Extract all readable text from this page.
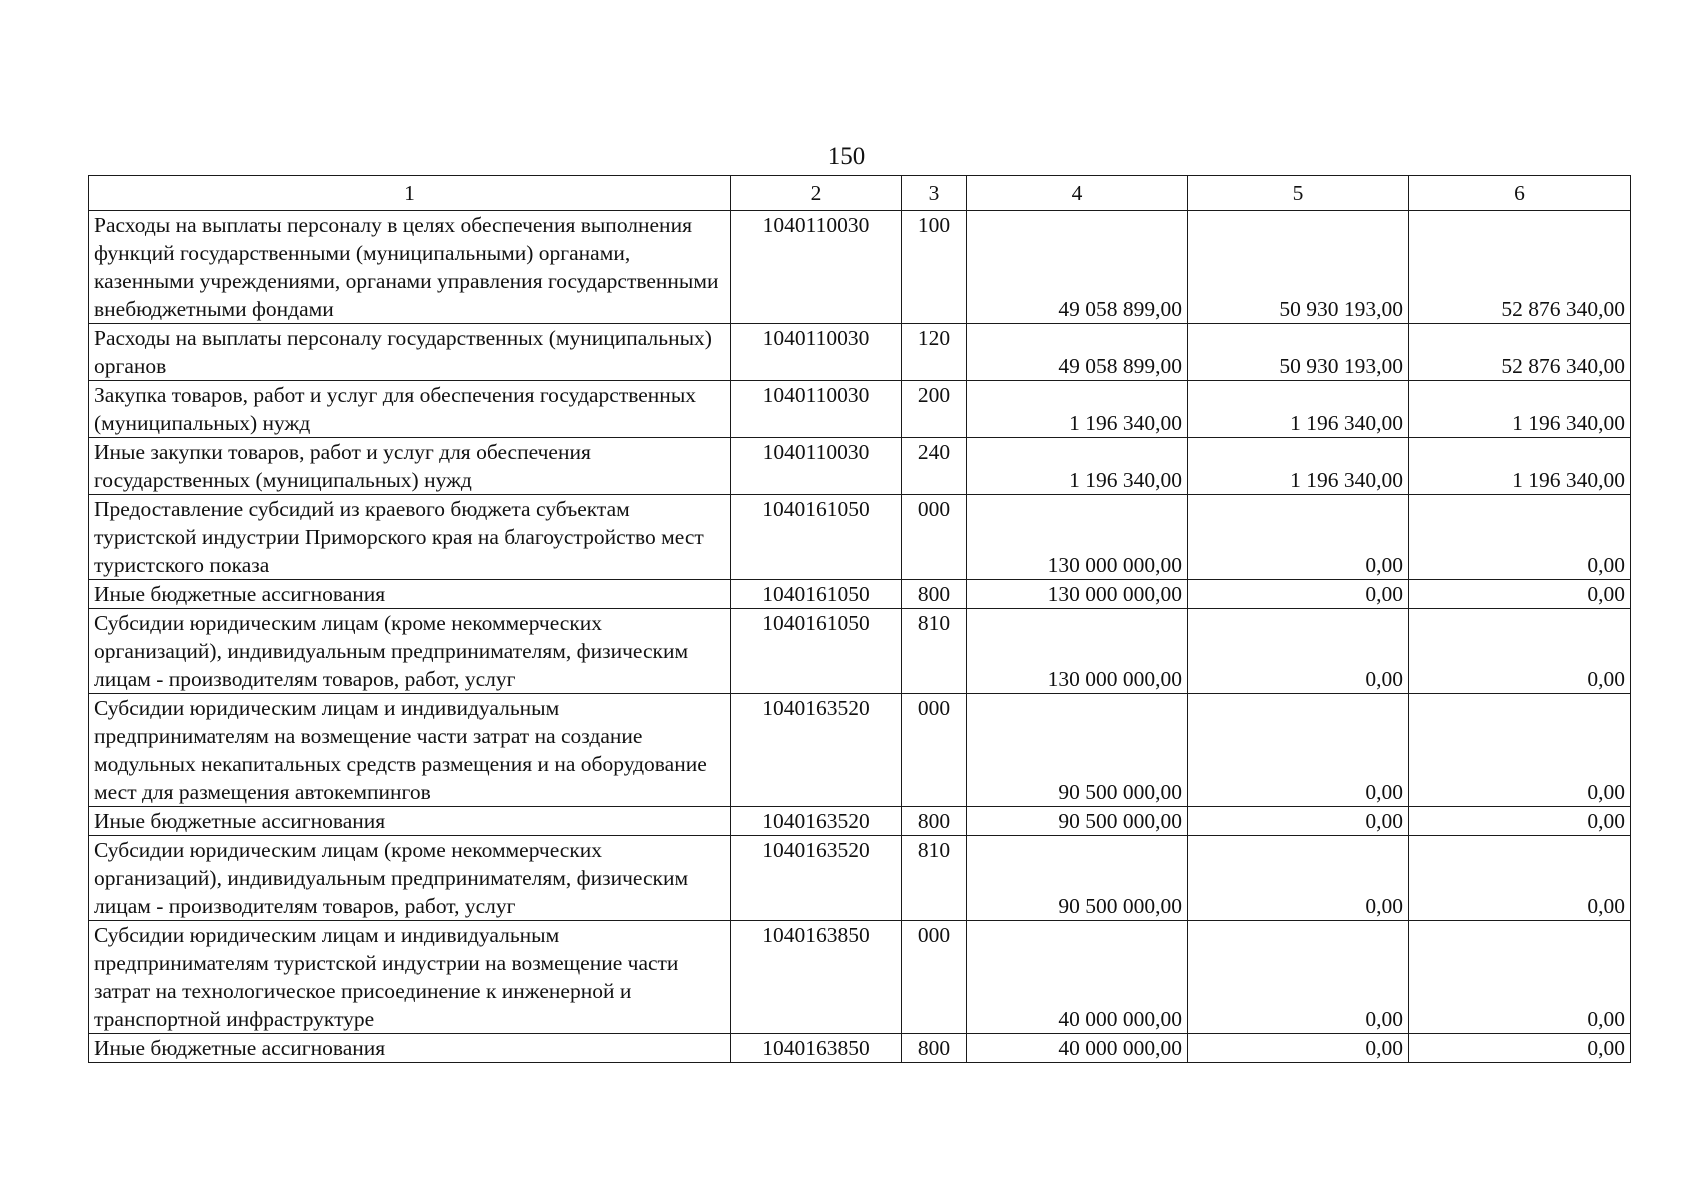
150
1	2	3	4	5	6
Расходы на выплаты персоналу в целях обеспечения выполнения функций государственными (муниципальными) органами, казенными учреждениями, органами управления государственными внебюджетными фондами	1040110030	100	49 058 899,00	50 930 193,00	52 876 340,00
Расходы на выплаты персоналу государственных (муниципальных) органов	1040110030	120	49 058 899,00	50 930 193,00	52 876 340,00
Закупка товаров, работ и услуг для обеспечения государственных (муниципальных) нужд	1040110030	200	1 196 340,00	1 196 340,00	1 196 340,00
Иные закупки товаров, работ и услуг для обеспечения государственных (муниципальных) нужд	1040110030	240	1 196 340,00	1 196 340,00	1 196 340,00
Предоставление субсидий из краевого бюджета субъектам туристской индустрии Приморского края на благоустройство мест туристского показа	1040161050	000	130 000 000,00	0,00	0,00
Иные бюджетные ассигнования	1040161050	800	130 000 000,00	0,00	0,00
Субсидии юридическим лицам (кроме некоммерческих организаций), индивидуальным предпринимателям, физическим лицам - производителям товаров, работ, услуг	1040161050	810	130 000 000,00	0,00	0,00
Субсидии юридическим лицам и индивидуальным предпринимателям на возмещение части затрат на создание модульных некапитальных средств размещения и на оборудование мест для размещения автокемпингов	1040163520	000	90 500 000,00	0,00	0,00
Иные бюджетные ассигнования	1040163520	800	90 500 000,00	0,00	0,00
Субсидии юридическим лицам (кроме некоммерческих организаций), индивидуальным предпринимателям, физическим лицам - производителям товаров, работ, услуг	1040163520	810	90 500 000,00	0,00	0,00
Субсидии юридическим лицам и индивидуальным предпринимателям туристской индустрии на возмещение части затрат на технологическое присоединение к инженерной и транспортной инфраструктуре	1040163850	000	40 000 000,00	0,00	0,00
Иные бюджетные ассигнования	1040163850	800	40 000 000,00	0,00	0,00
